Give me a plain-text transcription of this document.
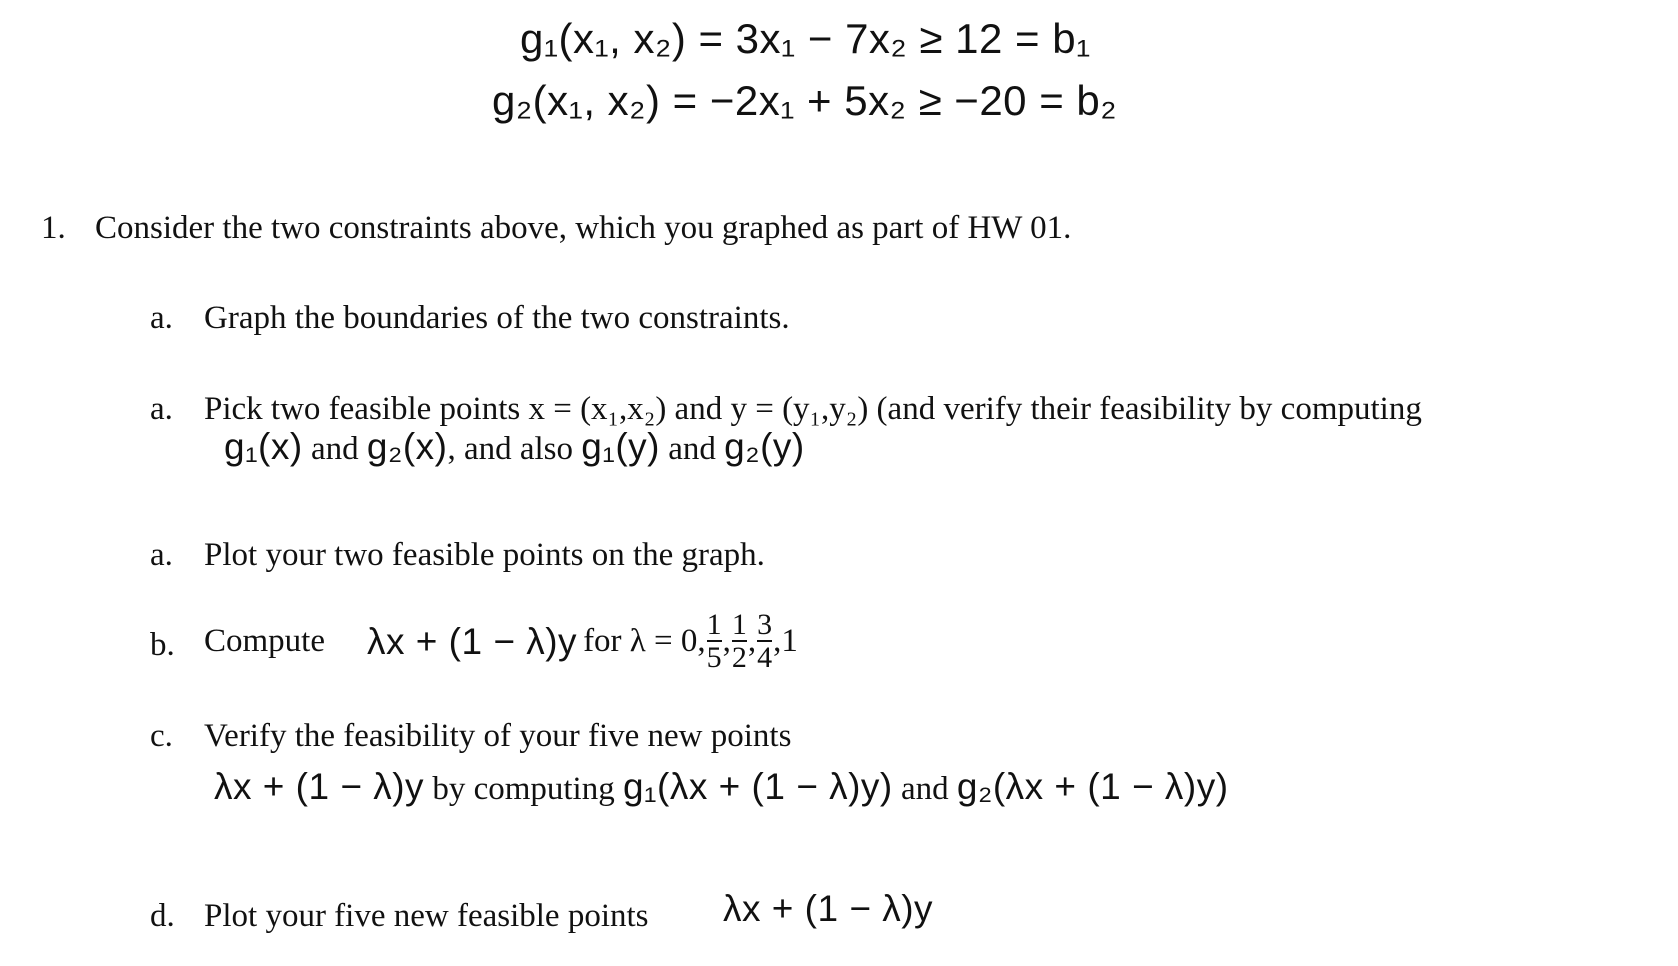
g₁(x₁, x₂) = 3x₁ − 7x₂ ≥ 12 = b₁
g₂(x₁, x₂) = −2x₁ + 5x₂ ≥ −20 = b₂
1. Consider the two constraints above, which you graphed as part of HW 01.
a. Graph the boundaries of the two constraints.
a. Pick two feasible points x = (x₁,x₂) and y = (y₁,y₂) (and verify their feasibility by computing
g₁(x) and g₂(x), and also g₁(y) and g₂(y)
a. Plot your two feasible points on the graph.
b. Compute λx + (1 − λ)y for λ = 0, $\frac{1}{5}$ , $\frac{1}{2}$ , $\frac{3}{4} ,1$
c. Verify the feasibility of your five new points
λx + (1 − λ)y by computing g₁(λx + (1 − λ)y) and g₂(λx + (1 − λ)y)
d. Plot your five new feasible points λx + (1 − λ)y
